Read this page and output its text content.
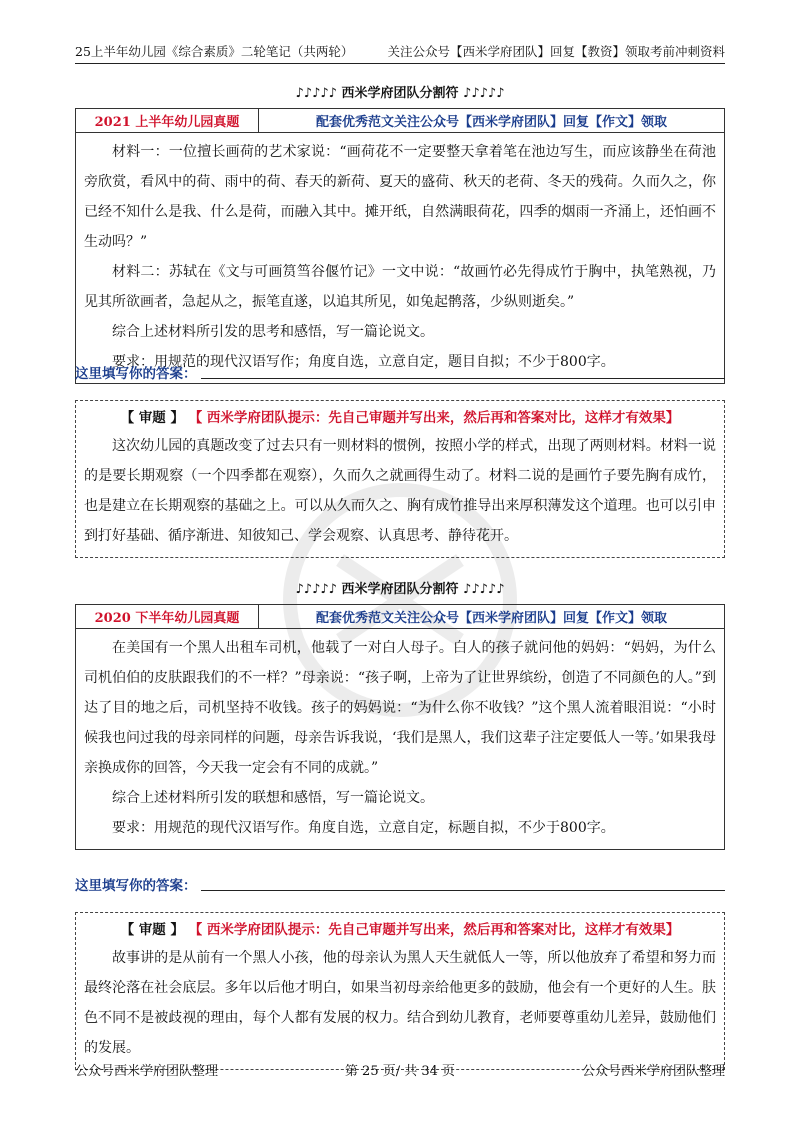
25上半年幼儿园《综合素质》二轮笔记（共两轮）	关注公众号【西米学府团队】回复【教资】领取考前冲刺资料
♪♪♪♪♪ 西米学府团队分割符 ♪♪♪♪♪
2021 上半年幼儿园真题	配套优秀范文关注公众号【西米学府团队】回复【作文】领取

材料一：一位擅长画荷的艺术家说：“画荷花不一定要整天拿着笔在池边写生，而应该静坐在荷池旁欣赏，看风中的荷、雨中的荷、春天的新荷、夏天的盛荷、秋天的老荷、冬天的残荷。久而久之，你已经不知什么是我、什么是荷，而融入其中。摊开纸，自然满眼荷花，四季的烟雨一齐涌上，还怕画不生动吗？”

材料二：苏轼在《文与可画筼筜谷偃竹记》一文中说：“故画竹必先得成竹于胸中，执笔熟视，乃见其所欲画者，急起从之，振笔直遂，以追其所见，如兔起鹘落，少纵则逝矣。”

综合上述材料所引发的思考和感悟，写一篇论说文。

要求：用规范的现代汉语写作；角度自选，立意自定，题目自拟；不少于800字。

这里填写你的答案：
【 审题 】 【 西米学府团队提示：先自己审题并写出来，然后再和答案对比，这样才有效果】

这次幼儿园的真题改变了过去只有一则材料的惯例，按照小学的样式，出现了两则材料。材料一说的是要长期观察（一个四季都在观察），久而久之就画得生动了。材料二说的是画竹子要先胸有成竹，也是建立在长期观察的基础之上。可以从久而久之、胸有成竹推导出来厚积薄发这个道理。也可以引申到打好基础、循序渐进、知彼知己、学会观察、认真思考、静待花开。

♪♪♪♪♪ 西米学府团队分割符 ♪♪♪♪♪
2020 下半年幼儿园真题	配套优秀范文关注公众号【西米学府团队】回复【作文】领取

在美国有一个黑人出租车司机，他载了一对白人母子。白人的孩子就问他的妈妈：“妈妈，为什么司机伯伯的皮肤跟我们的不一样？”母亲说：“孩子啊，上帝为了让世界缤纷，创造了不同颜色的人。”到达了目的地之后，司机坚持不收钱。孩子的妈妈说：“为什么你不收钱？”这个黑人流着眼泪说：“小时候我也问过我的母亲同样的问题，母亲告诉我说，‘我们是黑人，我们这辈子注定要低人一等。’如果我母亲换成你的回答，今天我一定会有不同的成就。”

综合上述材料所引发的联想和感悟，写一篇论说文。

要求：用规范的现代汉语写作。角度自选，立意自定，标题自拟，不少于800字。

这里填写你的答案：
【 审题 】 【 西米学府团队提示：先自己审题并写出来，然后再和答案对比，这样才有效果】

故事讲的是从前有一个黑人小孩，他的母亲认为黑人天生就低人一等，所以他放弃了希望和努力而最终沦落在社会底层。多年以后他才明白，如果当初母亲给他更多的鼓励，他会有一个更好的人生。肤色不同不是被歧视的理由，每个人都有发展的权力。结合到幼儿教育，老师要尊重幼儿差异，鼓励他们的发展。

公众号西米学府团队整理	第 25 页/ 共 34 页	公众号西米学府团队整理
